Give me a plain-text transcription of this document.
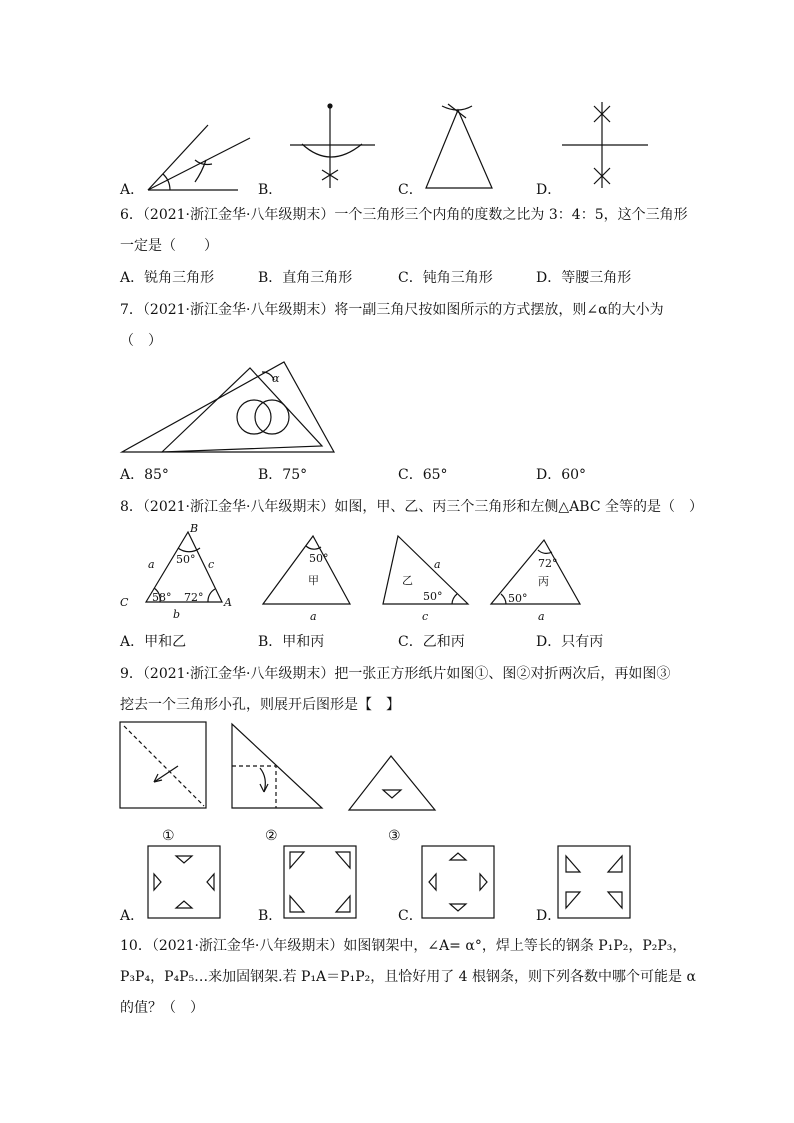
A．	B．	C．	D．
6．（2021·浙江金华·八年级期末）一个三角形三个内角的度数之比为 3：4：5，这个三角形
一定是（　　）
A．锐角三角形	B．直角三角形	C．钝角三角形	D．等腰三角形
7．（2021·浙江金华·八年级期末）将一副三角尺按如图所示的方式摆放，则∠α的大小为
（　）
α
A．85°	B．75°	C．65°	D．60°
8．（2021·浙江金华·八年级期末）如图，甲、乙、丙三个三角形和左侧△ABC 全等的是（　）
B
C	A
a	c
b
50°
58° 72°
50°
甲
a
a
乙
50°
c
72°
丙
50°
a
A．甲和乙	B．甲和丙	C．乙和丙	D．只有丙
9．（2021·浙江金华·八年级期末）把一张正方形纸片如图①、图②对折两次后，再如图③
挖去一个三角形小孔，则展开后图形是【　】
①	②	③
A．	B．	C．	D．
10．（2021·浙江金华·八年级期末）如图钢架中，∠A= α°，焊上等长的钢条 P₁P₂，P₂P₃，
P₃P₄，P₄P₅…来加固钢架.若 P₁A＝P₁P₂，且恰好用了 4 根钢条，则下列各数中哪个可能是 α
的值？（　）
